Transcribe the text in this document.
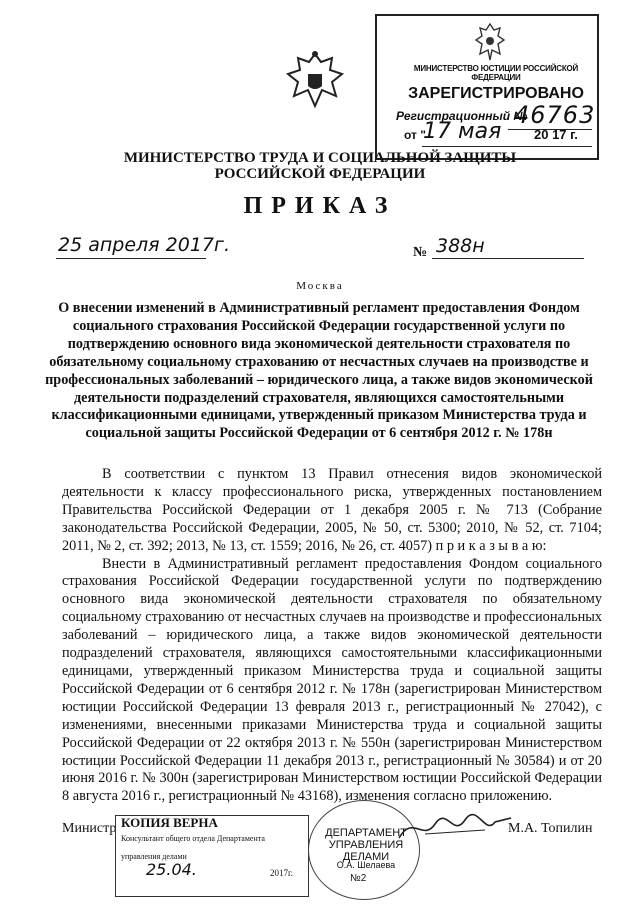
МИНИСТЕРСТВО ЮСТИЦИИ РОССИЙСКОЙ ФЕДЕРАЦИИ
ЗАРЕГИСТРИРОВАНО
Регистрационный №
46763
от "
17 мая	20 17 г.
МИНИСТЕРСТВО ТРУДА И СОЦИАЛЬНОЙ ЗАЩИТЫ
РОССИЙСКОЙ ФЕДЕРАЦИИ
ПРИКАЗ
25 апреля 2017г.	№ 388н
Москва
О внесении изменений в Административный регламент предоставления Фондом социального страхования Российской Федерации государственной услуги по подтверждению основного вида экономической деятельности страхователя по обязательному социальному страхованию от несчастных случаев на производстве и профессиональных заболеваний – юридического лица, а также видов экономической деятельности подразделений страхователя, являющихся самостоятельными классификационными единицами, утвержденный приказом Министерства труда и социальной защиты Российской Федерации от 6 сентября 2012 г. № 178н

В соответствии с пунктом 13 Правил отнесения видов экономической деятельности к классу профессионального риска, утвержденных постановлением Правительства Российской Федерации от 1 декабря 2005 г. № 713 (Собрание законодательства Российской Федерации, 2005, № 50, ст. 5300; 2010, № 52, ст. 7104; 2011, № 2, ст. 392; 2013, № 13, ст. 1559; 2016, № 26, ст. 4057) п р и к а з ы в а ю:

Внести в Административный регламент предоставления Фондом социального страхования Российской Федерации государственной услуги по подтверждению основного вида экономической деятельности страхователя по обязательному социальному страхованию от несчастных случаев на производстве и профессиональных заболеваний – юридического лица, а также видов экономической деятельности подразделений страхователя, являющихся самостоятельными классификационными единицами, утвержденный приказом Министерства труда и социальной защиты Российской Федерации от 6 сентября 2012 г. № 178н (зарегистрирован Министерством юстиции Российской Федерации 13 февраля 2013 г., регистрационный № 27042), с изменениями, внесенными приказами Министерства труда и социальной защиты Российской Федерации от 22 октября 2013 г. № 550н (зарегистрирован Министерством юстиции Российской Федерации 11 декабря 2013 г., регистрационный № 30584) и от 20 июня 2016 г. № 300н (зарегистрирован Министерством юстиции Российской Федерации 8 августа 2016 г., регистрационный № 43168), изменения согласно приложению.

Министр КОПИЯ ВЕРНА
Консультант общего отдела Департамента
управления делами
25.04.	2017г.
ДЕПАРТАМЕНТ УПРАВЛЕНИЯ ДЕЛАМИ
О.А. Шелаева
№2
М.А. Топилин
